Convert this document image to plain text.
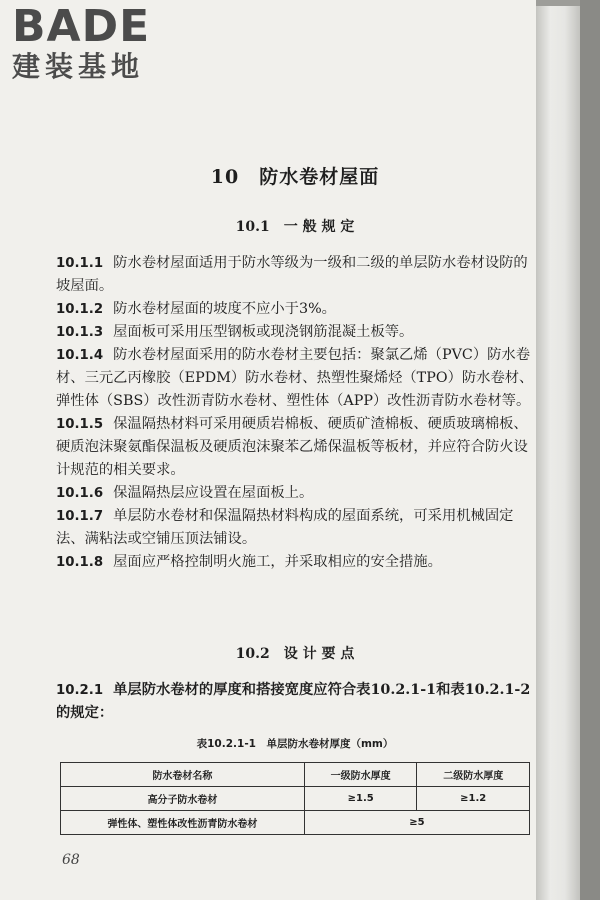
BADE
建装基地
10　防水卷材屋面
10.1　一 般 规 定

10.1.1 防水卷材屋面适用于防水等级为一级和二级的单层防水卷材设防的坡屋面。

10.1.2 防水卷材屋面的坡度不应小于3%。

10.1.3 屋面板可采用压型钢板或现浇钢筋混凝土板等。

10.1.4 防水卷材屋面采用的防水卷材主要包括：聚氯乙烯（PVC）防水卷材、三元乙丙橡胶（EPDM）防水卷材、热塑性聚烯烃（TPO）防水卷材、弹性体（SBS）改性沥青防水卷材、塑性体（APP）改性沥青防水卷材等。

10.1.5 保温隔热材料可采用硬质岩棉板、硬质矿渣棉板、硬质玻璃棉板、硬质泡沫聚氨酯保温板及硬质泡沫聚苯乙烯保温板等板材，并应符合防火设计规范的相关要求。

10.1.6 保温隔热层应设置在屋面板上。

10.1.7 单层防水卷材和保温隔热材料构成的屋面系统，可采用机械固定法、满粘法或空铺压顶法铺设。

10.1.8 屋面应严格控制明火施工，并采取相应的安全措施。

10.2　设 计 要 点

10.2.1 单层防水卷材的厚度和搭接宽度应符合表10.2.1-1和表10.2.1-2的规定：

表10.2.1-1　单层防水卷材厚度（mm）
防水卷材名称	一级防水厚度	二级防水厚度
高分子防水卷材	≥1.5	≥1.2
弹性体、塑性体改性沥青防水卷材	≥5	
68
